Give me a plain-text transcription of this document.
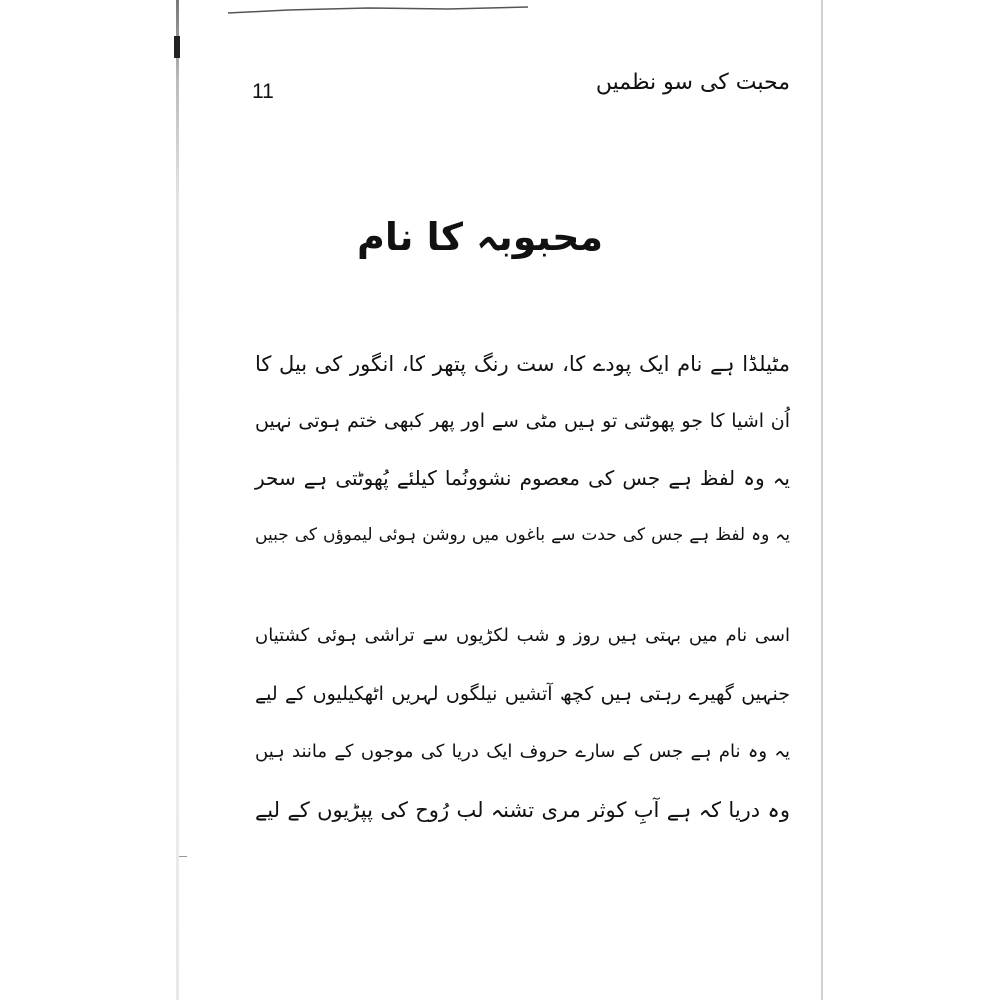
11	محبت کی سو نظمیں
محبوبہ کا نام
مٹیلڈا ہے نام ایک پودے کا، ست رنگ پتھر کا، انگور کی بیل کا
اُن اشیا کا جو پھوٹتی تو ہیں مٹی سے اور پھر کبھی ختم ہوتی نہیں
یہ وہ لفظ ہے جس کی معصوم نشوونُما کیلئے پُھوٹتی ہے سحر
یہ وہ لفظ ہے جس کی حدت سے باغوں میں روشن ہوئی لیموؤں کی جبیں
اسی نام میں بہتی ہیں روز و شب لکڑیوں سے تراشی ہوئی کشتیاں
جنہیں گھیرے رہتی ہیں کچھ آتشیں نیلگوں لہریں اٹھکیلیوں کے لیے
یہ وہ نام ہے جس کے سارے حروف ایک دریا کی موجوں کے مانند ہیں
وہ دریا کہ ہے آبِ کوثر مری تشنہ لب رُوح کی پپڑیوں کے لیے
